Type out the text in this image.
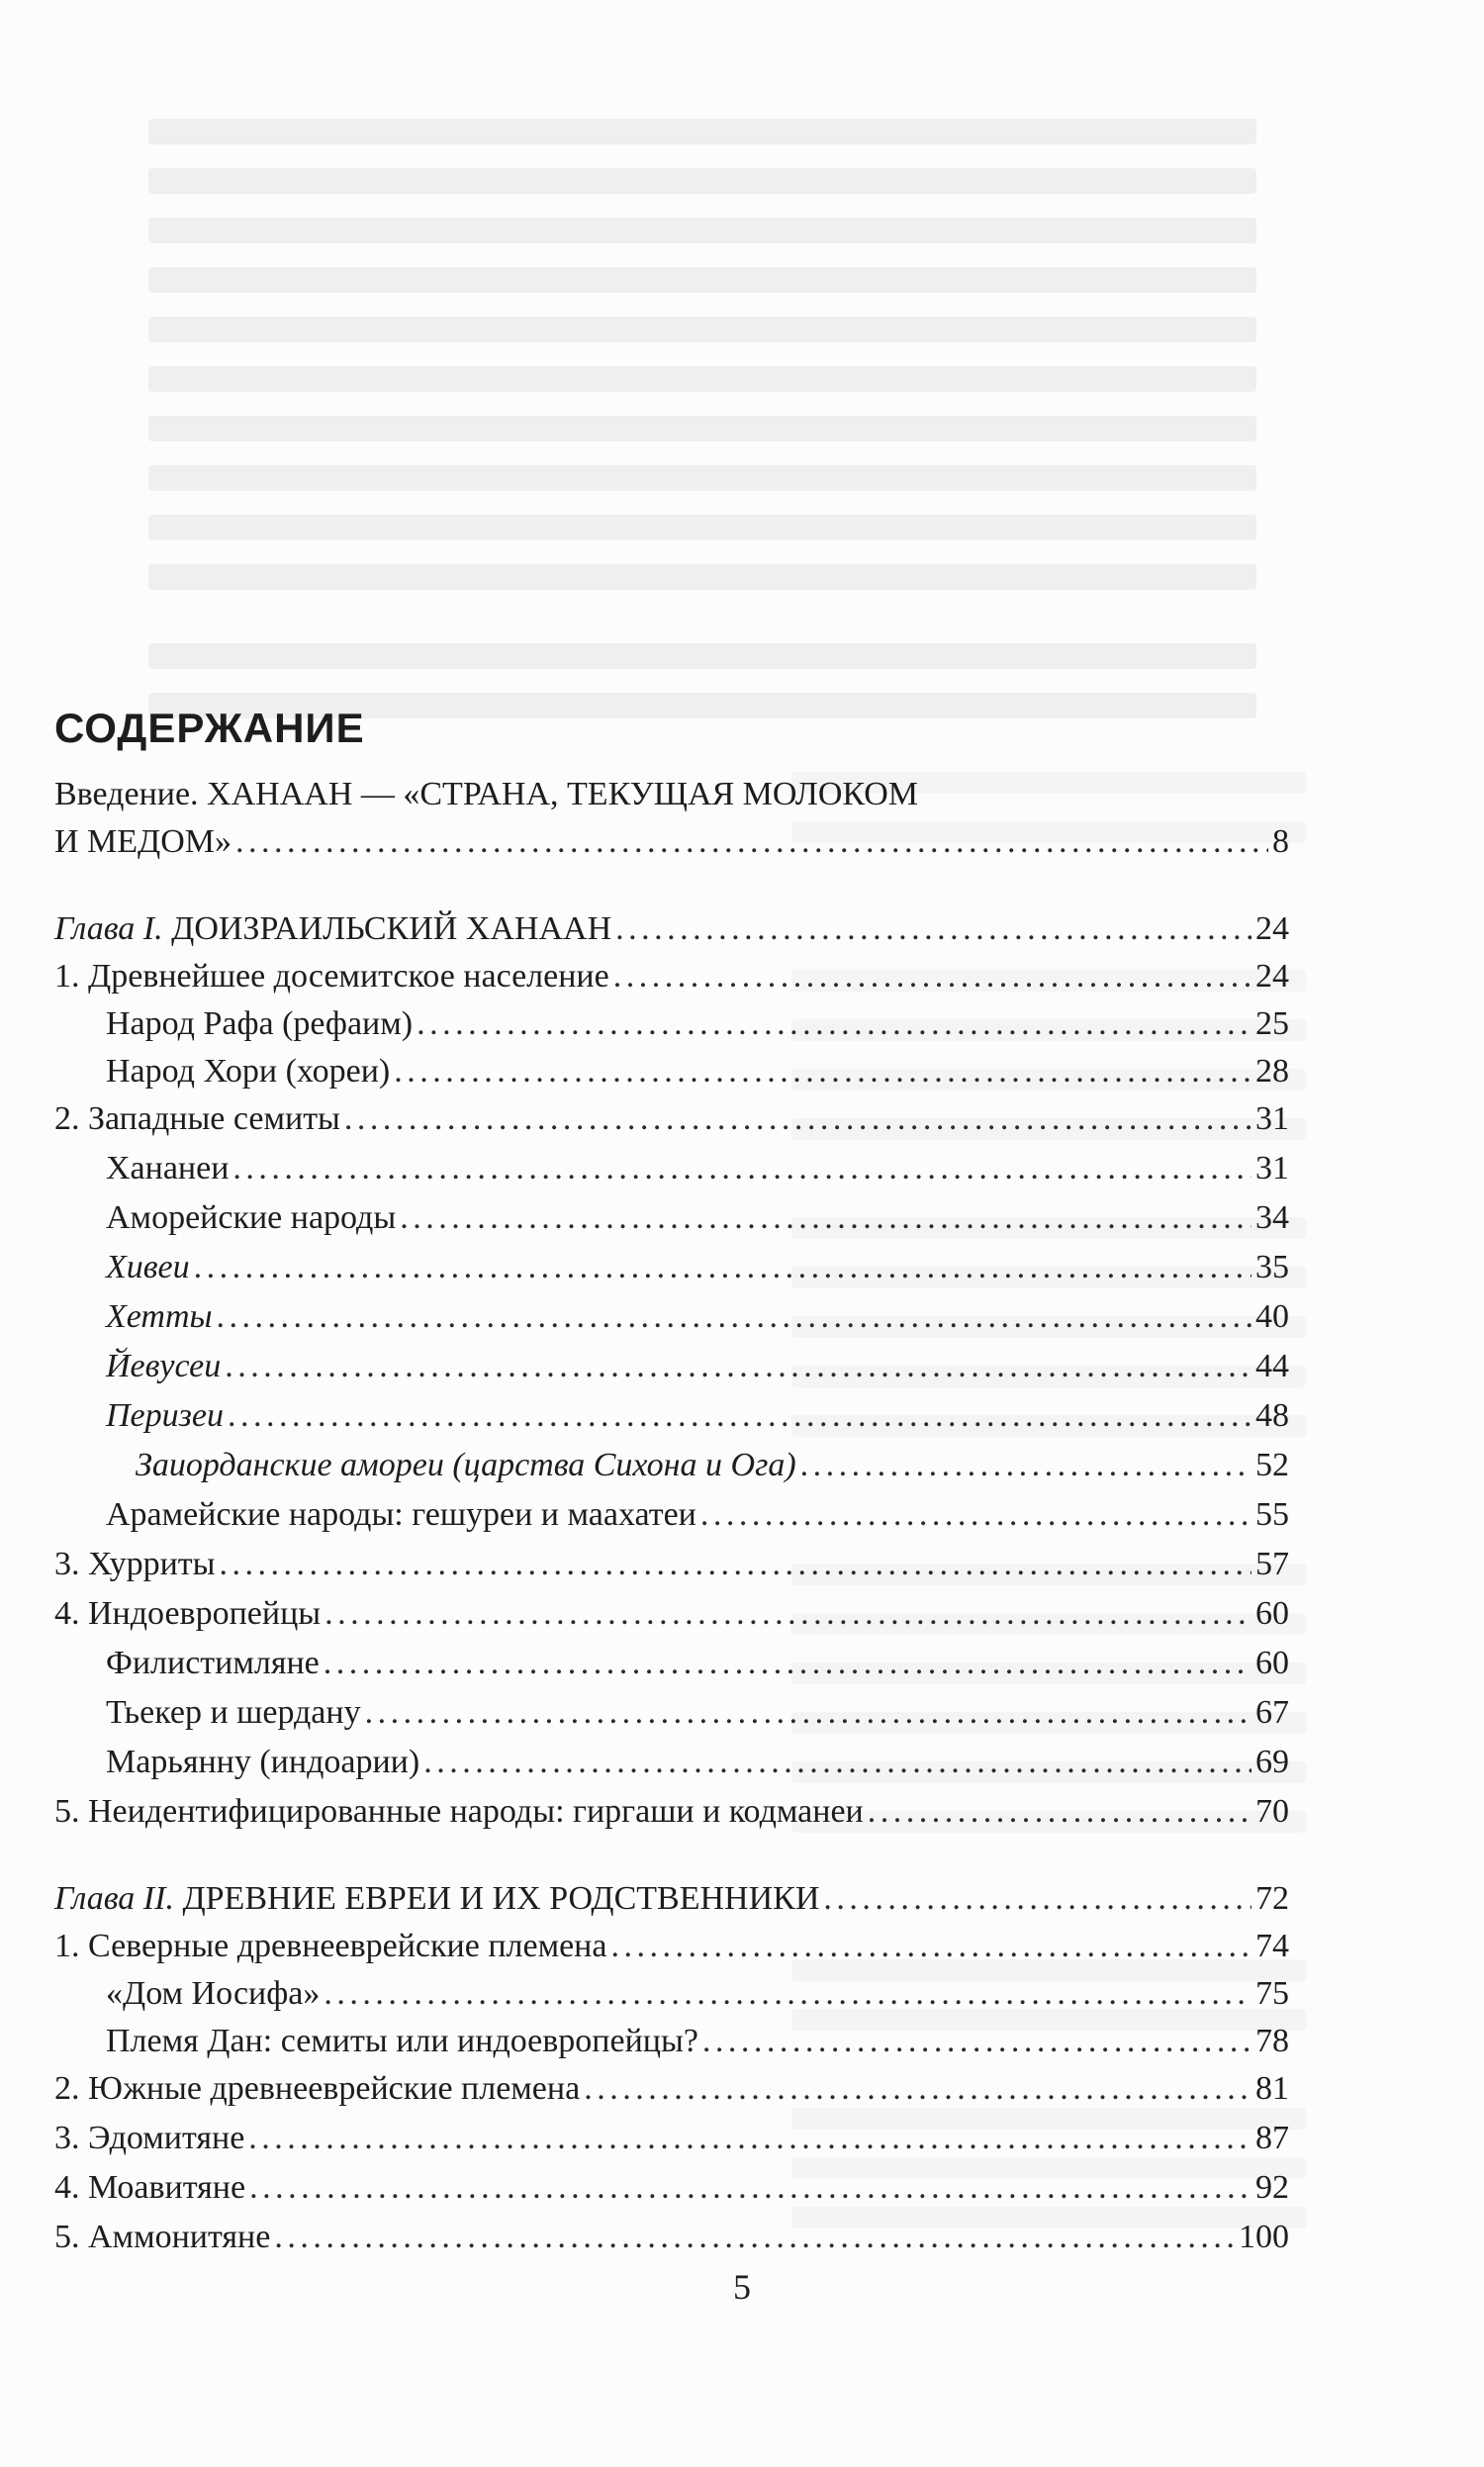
СОДЕРЖАНИЕ
Введение. ХАНААН — «СТРАНА, ТЕКУЩАЯ МОЛОКОМ
И МЕДОМ» . . .	8
Глава I. ДОИЗРАИЛЬСКИЙ ХАНААН . . .	24
1. Древнейшее досемитское население . . .	24
Народ Рафа (рефаим) . . .	25
Народ Хори (хореи) . . .	28
2. Западные семиты . . .	31
Хананеи . . .	31
Аморейские народы . . .	34
Хивеи . . .	35
Хетты . . .	40
Йевусеи . . .	44
Перизеи . . .	48
Заиорданские амореи (царства Сихона и Ога) . . .	52
Арамейские народы: гешуреи и маахатеи . . .	55
3. Хурриты . . .	57
4. Индоевропейцы . . .	60
Филистимляне . . .	60
Тьекер и шердану . . .	67
Марьянну (индоарии) . . .	69
5. Неидентифицированные народы: гиргаши и кодманеи . . .	70
Глава II. ДРЕВНИЕ ЕВРЕИ И ИХ РОДСТВЕННИКИ . . .	72
1. Северные древнееврейские племена . . .	74
«Дом Иосифа» . . .	75
Племя Дан: семиты или индоевропейцы? . . .	78
2. Южные древнееврейские племена . . .	81
3. Эдомитяне . . .	87
4. Моавитяне . . .	92
5. Аммонитяне . . .	100
5
